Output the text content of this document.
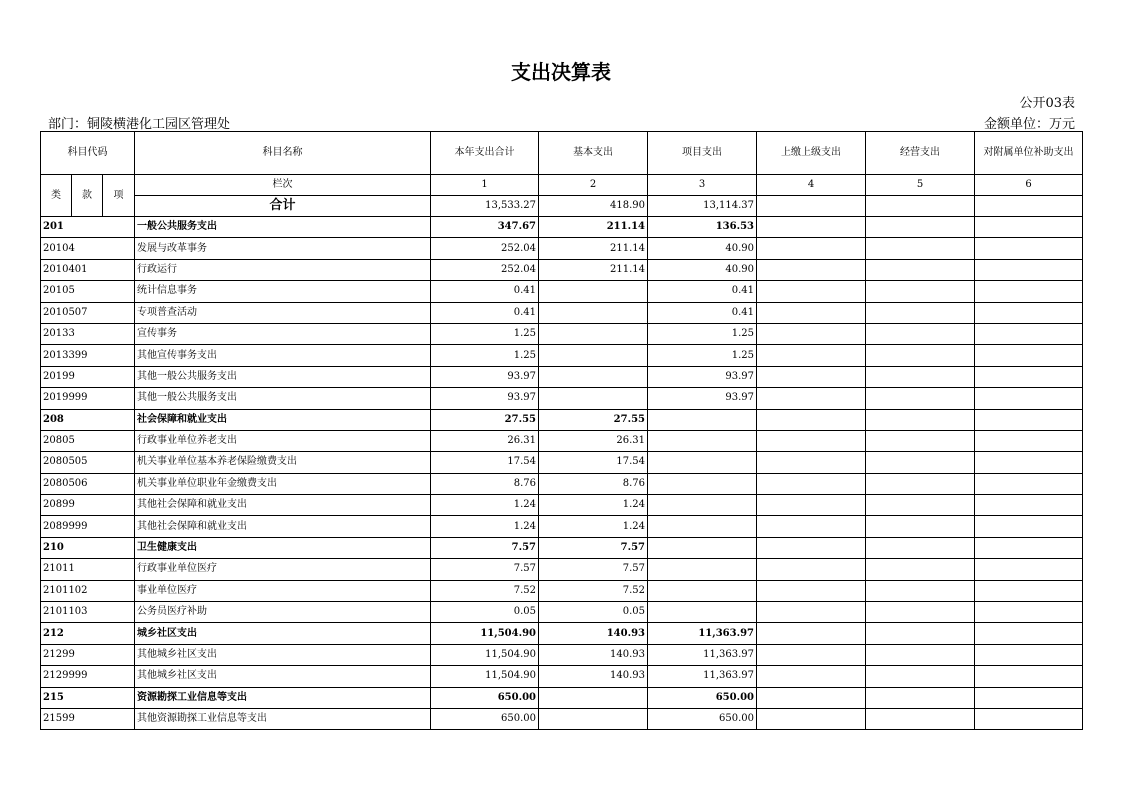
支出决算表
公开03表
部门：铜陵横港化工园区管理处	金额单位：万元
科目代码			科目名称	本年支出合计	基本支出	项目支出	上缴上级支出	经营支出	对附属单位补助支出
类	款	项	栏次	1	2	3	4	5	6
			合计	13,533.27	418.90	13,114.37			
201			一般公共服务支出	347.67	211.14	136.53			
20104			发展与改革事务	252.04	211.14	40.90			
2010401			行政运行	252.04	211.14	40.90			
20105			统计信息事务	0.41		0.41			
2010507			专项普查活动	0.41		0.41			
20133			宣传事务	1.25		1.25			
2013399			其他宣传事务支出	1.25		1.25			
20199			其他一般公共服务支出	93.97		93.97			
2019999			其他一般公共服务支出	93.97		93.97			
208			社会保障和就业支出	27.55	27.55				
20805			行政事业单位养老支出	26.31	26.31				
2080505			机关事业单位基本养老保险缴费支出	17.54	17.54				
2080506			机关事业单位职业年金缴费支出	8.76	8.76				
20899			其他社会保障和就业支出	1.24	1.24				
2089999			其他社会保障和就业支出	1.24	1.24				
210			卫生健康支出	7.57	7.57				
21011			行政事业单位医疗	7.57	7.57				
2101102			事业单位医疗	7.52	7.52				
2101103			公务员医疗补助	0.05	0.05				
212			城乡社区支出	11,504.90	140.93	11,363.97			
21299			其他城乡社区支出	11,504.90	140.93	11,363.97			
2129999			其他城乡社区支出	11,504.90	140.93	11,363.97			
215			资源勘探工业信息等支出	650.00		650.00			
21599			其他资源勘探工业信息等支出	650.00		650.00			
